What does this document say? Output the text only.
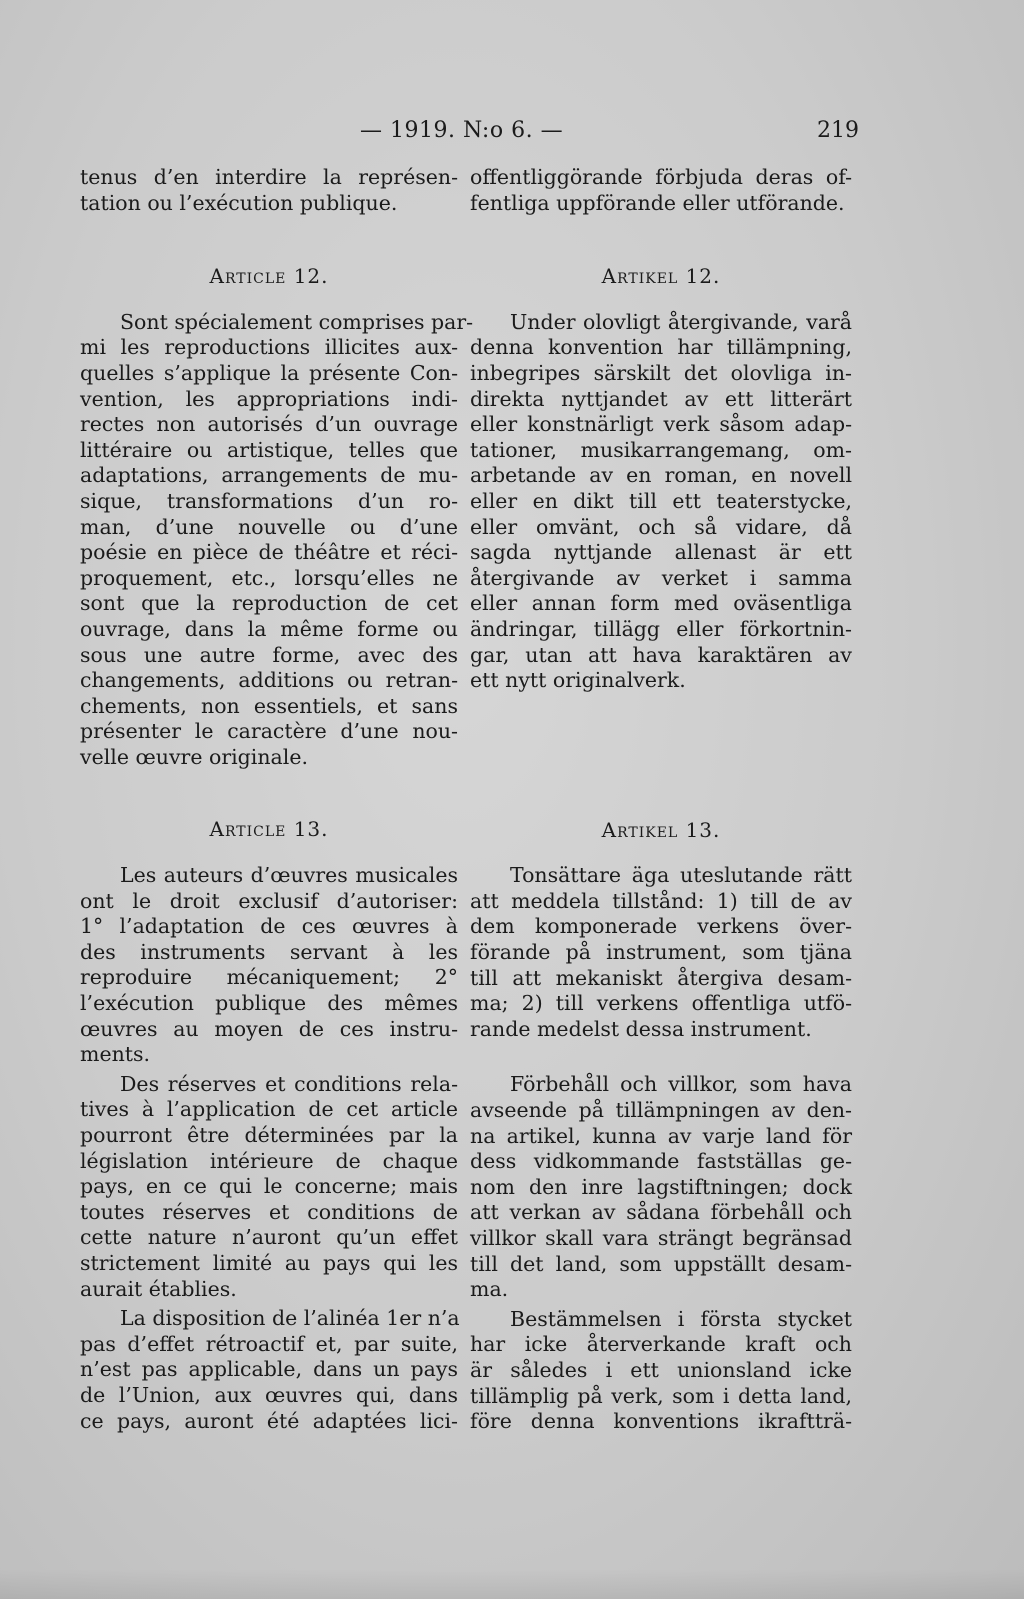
— 1919. N:o 6. —	219
tenus d’en interdire la représen-
tation ou l’exécution publique.
Article 12.
Sont spécialement comprises par-
mi les reproductions illicites aux-
quelles s’applique la présente Con-
vention, les appropriations indi-
rectes non autorisés d’un ouvrage
littéraire ou artistique, telles que
adaptations, arrangements de mu-
sique, transformations d’un ro-
man, d’une nouvelle ou d’une
poésie en pièce de théâtre et réci-
proquement, etc., lorsqu’elles ne
sont que la reproduction de cet
ouvrage, dans la même forme ou
sous une autre forme, avec des
changements, additions ou retran-
chements, non essentiels, et sans
présenter le caractère d’une nou-
velle œuvre originale.
Article 13.
Les auteurs d’œuvres musicales
ont le droit exclusif d’autoriser:
1° l’adaptation de ces œuvres à
des instruments servant à les
reproduire mécaniquement; 2°
l’exécution publique des mêmes
œuvres au moyen de ces instru-
ments.
Des réserves et conditions rela-
tives à l’application de cet article
pourront être déterminées par la
législation intérieure de chaque
pays, en ce qui le concerne; mais
toutes réserves et conditions de
cette nature n’auront qu’un effet
strictement limité au pays qui les
aurait établies.
La disposition de l’alinéa 1er n’a
pas d’effet rétroactif et, par suite,
n’est pas applicable, dans un pays
de l’Union, aux œuvres qui, dans
ce pays, auront été adaptées lici-
offentliggörande förbjuda deras of-
fentliga uppförande eller utförande.
Artikel 12.
Under olovligt återgivande, varå
denna konvention har tillämpning,
inbegripes särskilt det olovliga in-
direkta nyttjandet av ett litterärt
eller konstnärligt verk såsom adap-
tationer, musikarrangemang, om-
arbetande av en roman, en novell
eller en dikt till ett teaterstycke,
eller omvänt, och så vidare, då
sagda nyttjande allenast är ett
återgivande av verket i samma
eller annan form med oväsentliga
ändringar, tillägg eller förkortnin-
gar, utan att hava karaktären av
ett nytt originalverk.
Artikel 13.
Tonsättare äga uteslutande rätt
att meddela tillstånd: 1) till de av
dem komponerade verkens över-
förande på instrument, som tjäna
till att mekaniskt återgiva desam-
ma; 2) till verkens offentliga utfö-
rande medelst dessa instrument.
Förbehåll och villkor, som hava
avseende på tillämpningen av den-
na artikel, kunna av varje land för
dess vidkommande fastställas ge-
nom den inre lagstiftningen; dock
att verkan av sådana förbehåll och
villkor skall vara strängt begränsad
till det land, som uppställt desam-
ma.
Bestämmelsen i första stycket
har icke återverkande kraft och
är således i ett unionsland icke
tillämplig på verk, som i detta land,
före denna konventions ikraftträ-
